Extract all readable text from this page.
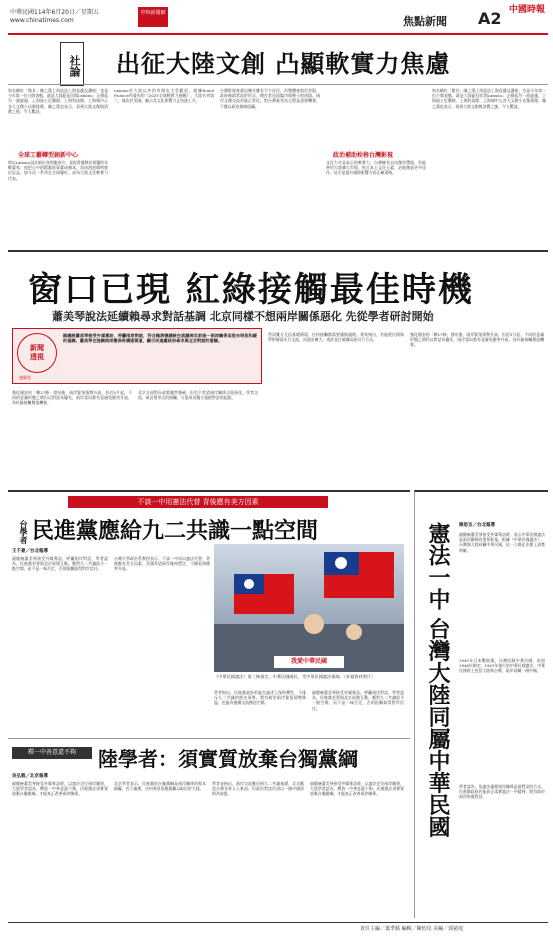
中華民國114年6月20日／星期五
www.chinatimes.com
中時新聞網
焦點新聞 A2 中國時報
社論 出征大陸文創 凸顯軟實力焦慮
知名網紅「館長」陳之漢上周造訪上海直播及講座，也是今年第一位公開表態、就是大陸絕佳民間Labubu」正掀起另一波旋風，上海迪士尼樂園、上海科技館、上海城中心各大文創小店都排隊，陳之漢也表示，看到大陸文創與消費之強，令人驚訝。
全球工藝轉型創新中心
徐以Labubu設計師出身的龍家升，是從香港移居荷蘭的年輕畫家，他把心中的精靈故事畫成繪本，再由泡泡瑪特推出盲盒，如今這一系列在全球爆紅，成為大陸文化軟實力代表。
Labubu於大陸以外的市場也大受歡迎，根據Brand Finance所發布的《2025全球軟實力指數》，大陸名列第二，僅次於美國，顯示其文化影響力正快速上升。
台灣影視產業這幾年雖有不少佳作，但整體產值仍有限，政府補助常流於形式，創作者也面臨市場狹小的困境。兩岸文創交流若能正常化，對台灣業者而言將是重要機會，不應以政治掛帥阻礙。
政治補助栓格台灣影視
文化力才是真正的軟實力，台灣擁有自由創作環境，若能善用大陸廣大市場，結合本土文化元素，必能創造更多佳作，這才是提升國際影響力的正確道路。
知名網紅「館長」陳之漢上周造訪上海直播及講座，也是今年第一位公開表態、就是大陸絕佳民間Labubu」正掀起另一波旋風，上海迪士尼樂園、上海科技館、上海城中心各大文創小店都排隊，陳之漢也表示，看到大陸文創與消費之強，令人驚訝。
窗口已現 紅綠接觸最佳時機
蕭美琴說法延續賴尋求對話基調 北京同樣不想兩岸關係惡化 先從學者研討開始
新聞
透視
連佩雯
副總統蕭美琴接受外媒專訪，呼籲兩岸對話，符合賴清德總統在就職周年前後一兩岸關係但從未明拒和緩的基調。蕭美琴也強調兩岸應保持溝通管道，顯示民進黨政府尋求與北京對話的意願。
強化國安的「賴17條」發布後，兩岸緊張情勢升高，但近5月起，不同的意識形態之間仍以對話為優先，兩岸當局都有意避免衝突升級，為紅綠接觸創造機會。
北京方面對台政策雖然強硬，但也不希望兩岸關係全面惡化，學者交流、研討會形式的接觸，可望成為雙方重啟對話的起點。
然而雙方互信基礎薄弱，任何接觸都需要謹慎處理。專家指出，若能從民間與學術層面先行交流，再逐步擴大，或許是打破僵局的可行方式。
強化國安的「賴17條」發布後，兩岸緊張情勢升高，但近5月起，不同的意識形態之間仍以對話為優先，兩岸當局都有意避免衝突升級，為紅綠接觸創造機會。
不談一中用憲法代替 背後應有美方因素
台學者 民進黨應給九二共識一點空間
王千豪／台北報導
副總統蕭美琴接受外媒專訪，呼籲兩岸對話，學者認為，民進黨若要與北京展開互動，應對九二共識給予一點空間，而不是一味否定，否則很難取得對岸信任。
台灣大學政治系教授表示，不談一中而以憲法代替，背後應有美方因素，美國希望兩岸維持穩定，不願看到衝突升高。
我愛中華民國
《中華民國憲法》第三條規定，中華民國國民，受中華民國憲法保障。（本報資料照片）
學者指出，民進黨政府若能在論述上保持彈性，不排斥九二共識的歷史事實，將有助於兩岸緊張情勢降溫，也能為後續交流創造空間。
副總統蕭美琴接受外媒專訪，呼籲兩岸對話，學者認為，民進黨若要與北京展開互動，應對九二共識給予一點空間，而不是一味否定，否則很難取得對岸信任。
釋一中善意還不夠	陸學者：須實質放棄台獨黨綱
吳弘毅／北京報導
副總統蕭美琴接受外媒專訪時，以憲法定位兩岸關係，大陸學者認為，釋放一中善意還不夠，民進黨必須實質放棄台獨黨綱，才能真正改善兩岸關係。
北京學者表示，民進黨的台獨黨綱是兩岸關係的根本障礙，若不處理，任何善意表態都難以取信於大陸。
學者並指出，兩岸交流應回到九二共識基礎，北京歡迎台灣各界人士來訪，但政治對話仍須以一個中國原則為前提。
副總統蕭美琴接受外媒專訪時，以憲法定位兩岸關係，大陸學者認為，釋放一中善意還不夠，民進黨必須實質放棄台獨黨綱，才能真正改善兩岸關係。
陳思言／台北報導
憲法一中 台灣大陸同屬中華民國 副總統蕭美琴接受外媒專訪時，表示中華民國憲法是兩岸關係的重要框架，根據《中華民國憲法》，台灣與大陸同屬中華民國，這一立場在法理上清楚明確。
1945年日本戰敗後，台灣回歸中華民國，依照1946年制定、1947年施行的中華民國憲法，中華民國領土包括大陸與台灣，兩岸同屬一個中國。
學者認為，依憲法處理兩岸關係是最穩妥的方式，民進黨政府若能真正落實憲法一中精神，將有助於兩岸恢復對話。
責任主編／葉季銘 編輯／陳怡玟 美編／郭慈庭
